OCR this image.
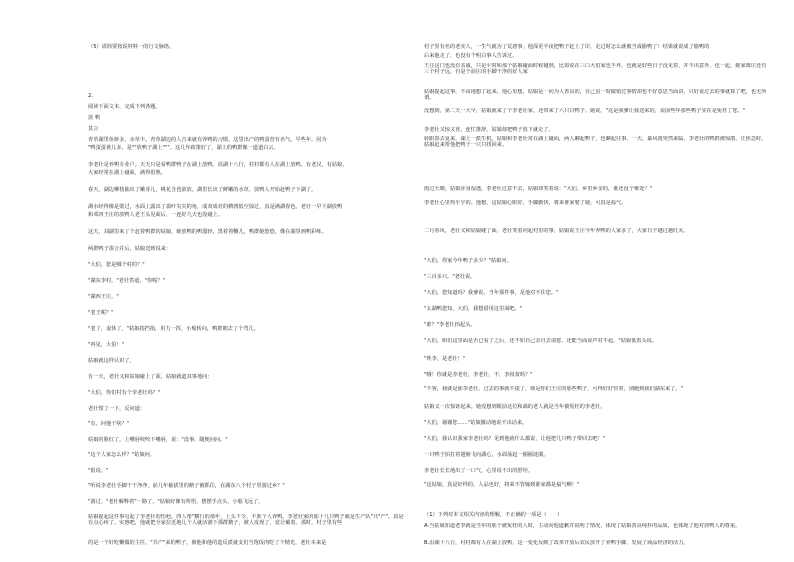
（5）请简要按说材料一的行文脉络。
2.
阅读下面文本，完成下列各题。
放 鸭
莫言
青草湖里鱼虾多，水草丰。青草湖边的人吉来就有养鸭的习惯。这里出产的鸭蛋营有名气。早些年，因为
"鸭蛋蛋黄儿多，是""放鸭子湖上"""。这几年政策好了，湖上的鸭群像一道道白云。
李老壮是养鸭专业户。天天只是看鸭群鸭子在湖上放鸭。沿湖十八行，村村都有人在湖上放鸭。有老汉，有姑娘，
大家经常在湖上碰面，满得很熟。
春天，湖边柳枝抽出了嫩芽儿，桃花含苞欲放。湖里长出了鲜嫩的水草，放鸭人开始赶鸭子下湖了。
湖水经得像是蒙过，水面上露出了翡叶尖尖的角，成双成对的鹌鹑低空掠过，真是满湖春色。老壮一早下湖放鸭
和邓四王庄的放鸭人老王头见面后，一连好几天也没碰上。
这天，刘湖里来了个赶着鸭群的姑娘，她放鸭的鸭溜轻，黑着着鞭儿，鸭群她悠悠，像在湖里画鸭彩练。
两群鸭子凑合并后，姑娘送到说来：
"大伯，您是哪个村的？"
"湖东李村。"老壮答道，"你呢？"
"湖西王庄。"
"老王呢？"
"老了，退休了。"姑娘指挡指，用力一挥，小船转向，鸭群朝去了个弯儿。
"再见，大伯！"
姑娘就这样认识了。
有一天，老壮又和姑娘碰上了面，姑娘就道其事地问：
"大伯，你们村有个李老壮吗？"
老壮愣了一下，反问道：
"有，问他干啥？"
姑娘的脸红了，上嘴唇咬咬下嘴唇，说："没事，随便问问。"
"这个人家怎么样？"姑娘问。
"很说。"
"听说李老壮手脚干干净净，前几年偷拔里的鹅子被抓住，在湖东八个村子里游过乡？"
"游过。"老壮解释着"一路了。"姑娘好像有所悟，摆摆手点头，小船飞远了。
姑娘提起这件事勾起了李老壮的伤疤。四人帮"横行的那年，上头下令，不准个人养鸭。李老壮家的那十几只鸭子就是生产队"共"产"，真是有点心疼了。实惠吧，他就把全家拉近地几个人就活割下那群鹅子，被人发现了，竟让戴着。那时，村子里有些
的是一个好吃懒做的主任，"共产"来的鸭子，被他和他的造反派就支们当饱饭肉吃了个精光，老壮本来是
村子里有名的老实人，一生气就为了荒唐事。他深更半夜把鸭子赶上了岸，走过时怎么就被当成偷鸭了！结果就说成了偷鸭的
后来他走了，也没有个明白事人告诉过。
王庄这门也没有亲戚，只是平时和那个姑娘碰面时候碰到，比如说在三口大伯家也不坏，也就是好些日子没见着，并不出意外，也一起，她家离庄还有三个村子远，自是个前庄的手脚干净的好人家
姑娘提起这事，不由地想了起来。他心里想，姑娘是一向为人善良的，自己虽一时做错过事情却也不好意思当面讲，只好说过去的事就算了吧，也无所谓。
没想到，第二天一大早，姑娘就来了个李老壮家，还带来了六只白鸭子。她说，"这是我爹让我送来的，说前些年那些鸭子实在是冤枉了您。"
李老壮又惊又喜，连忙推辞，姑娘却把鸭子放下就走了。
转眼春去夏来，湖上一派生机。姑娘和李老壮常在湖上碰面，两人聊起鸭子，也聊起往事。一天，暴风雨突然来临，李老壮的鸭群被惊散，正焦急时，姑娘赶来帮他把鸭子一只只找回来。
雨过天晴，姑娘浑身湿透，李老壮过意不去，姑娘却笑着说："大伯，乡里乡亲的，谁还没个难处？"
李老壮心里热乎乎的。他想，这姑娘心眼好，手脚勤快，将来谁家娶了她，可真是福气。
二月春风，老壮又和姑娘碰了面，老壮笑着问起村里的事，姑娘说王庄今年养鸭的人家多了，大家日子越过越红火。
"大伯，你家今年鸭子多少？"姑娘问。
"三百多只。"老壮说。
"大伯，您知道吗？我爹说，当年那件事，是他对不住您。"
"太湖鸭您知，大伯，我想借用这里面吧。"
"谁？"李老壮抬起头。
"大伯，咱们这里面是否已看了之后，还不如自己亲自去请您，还能当面说声对不起。"姑娘低着头说。
"姓李，是老壮！"
"哦！你就是李老壮，李老壮，不，李叔叔吗？"
"不客，我就是那李老壮，过去的事就不提了，倒是你们王庄的那些鸭子，可得好好管着，别跑到我们湖东来了。"
姑娘又一次惊讶起来。她没想到眼前这位和蔼的老人就是当年被冤枉的李老壮。
"大伯，谢谢您……"姑娘激动地说不出话来。
"大伯，我认识我家李老壮吗？见到他就什么都说，让他把几只鸭子带回去吧！"
一只鸭子拍打着翅膀飞向湖心，水面荡起一圈圈涟漪。
李老壮长长地出了一口气，心里说不出的舒坦。
"这姑娘，真是好样的，人品也好，将来不管嫁到谁家都是福气啊！"
（1）下列对本文相关内容的理解，不正确的一项是（　　）
A.当姑娘知道老李就是当年的那个被冤枉的人时，主动向他道歉并说明了情况，体现了姑娘善良纯朴的品质，也体现了他对放鸭人的尊重。
B.沿湖十八行，村村都有人在湖上放鸭，这一变化反映了改革开放后农民放开了养鸭手脚，发展了商品经济的活力。
